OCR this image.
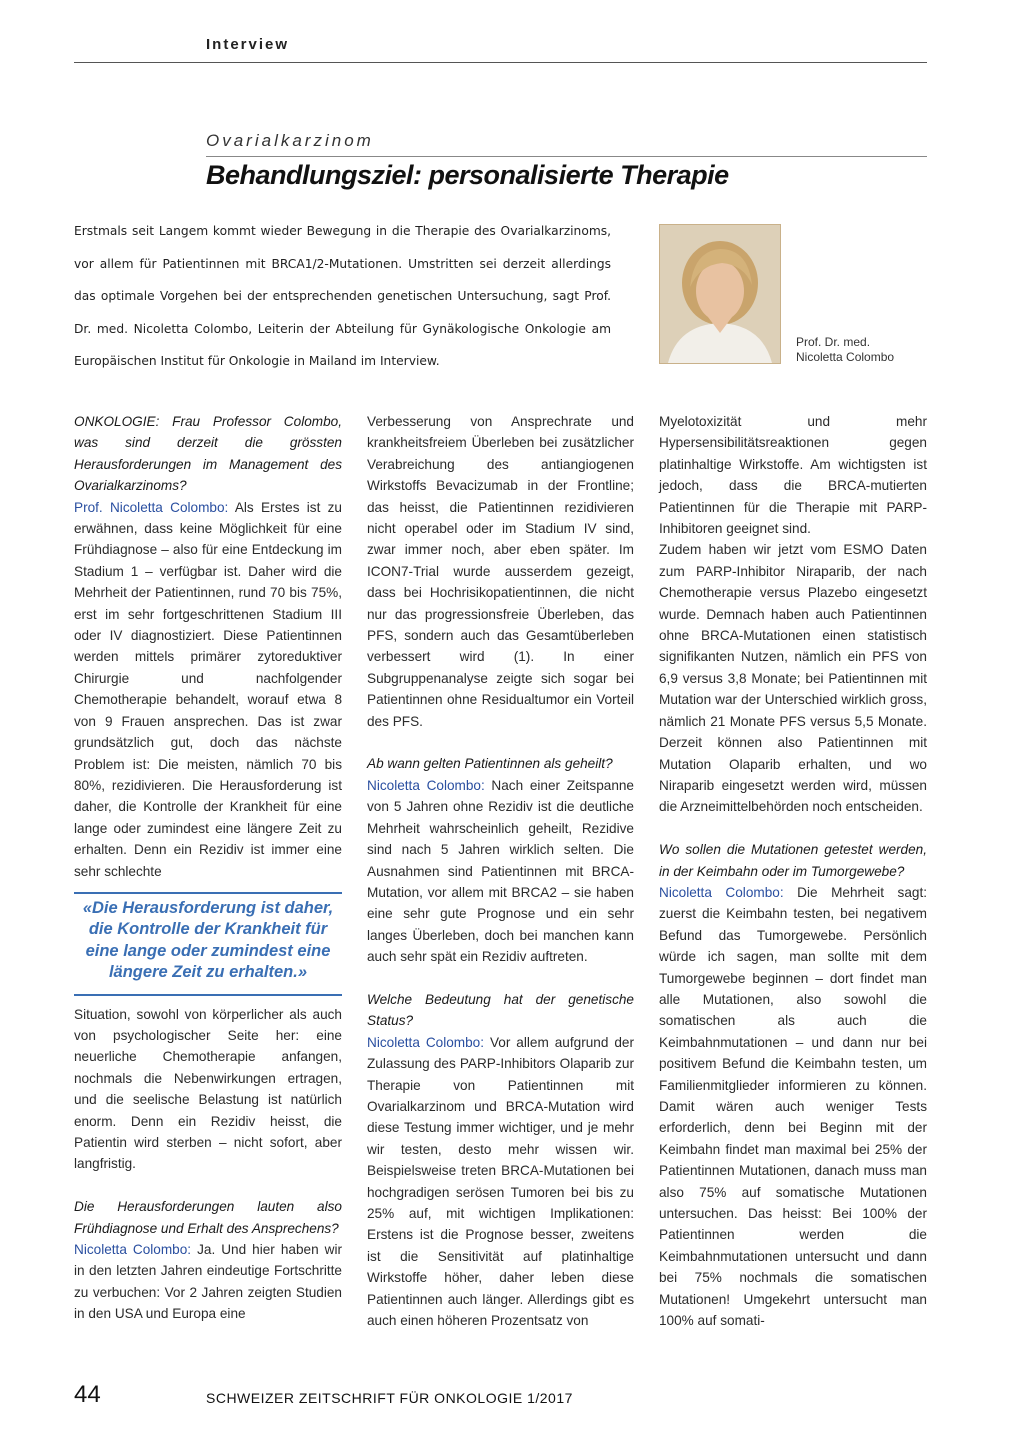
Interview
Ovarialkarzinom
Behandlungsziel: personalisierte Therapie
Erstmals seit Langem kommt wieder Bewegung in die Therapie des Ovarialkarzinoms, vor allem für Patientinnen mit BRCA1/2-Mutationen. Umstritten sei derzeit allerdings das optimale Vorgehen bei der entsprechenden genetischen Untersuchung, sagt Prof. Dr. med. Nicoletta Colombo, Leiterin der Abteilung für Gynäkologische Onkologie am Europäischen Institut für Onkologie in Mailand im Interview.
Prof. Dr. med.
Nicoletta Colombo

ONKOLOGIE: Frau Professor Colombo, was sind derzeit die grössten Herausforderungen im Management des Ovarialkarzinoms?

Prof. Nicoletta Colombo: Als Erstes ist zu erwähnen, dass keine Möglichkeit für eine Frühdiagnose – also für eine Entdeckung im Stadium 1 – verfügbar ist. Daher wird die Mehrheit der Patientinnen, rund 70 bis 75%, erst im sehr fortgeschrittenen Stadium III oder IV diagnostiziert. Diese Patientinnen werden mittels primärer zytoreduktiver Chirurgie und nachfolgender Chemotherapie behandelt, worauf etwa 8 von 9 Frauen ansprechen. Das ist zwar grundsätzlich gut, doch das nächste Problem ist: Die meisten, nämlich 70 bis 80%, rezidivieren. Die Herausforderung ist daher, die Kontrolle der Krankheit für eine lange oder zumindest eine längere Zeit zu erhalten. Denn ein Rezidiv ist immer eine sehr schlechte

«Die Herausforderung ist daher, die Kontrolle der Krankheit für eine lange oder zumindest eine längere Zeit zu erhalten.»

Situation, sowohl von körperlicher als auch von psychologischer Seite her: eine neuerliche Chemotherapie anfangen, nochmals die Nebenwirkungen ertragen, und die seelische Belastung ist natürlich enorm. Denn ein Rezidiv heisst, die Patientin wird sterben – nicht sofort, aber langfristig.

Die Herausforderungen lauten also Frühdiagnose und Erhalt des Ansprechens?

Nicoletta Colombo: Ja. Und hier haben wir in den letzten Jahren eindeutige Fortschritte zu verbuchen: Vor 2 Jahren zeigten Studien in den USA und Europa eine

Verbesserung von Ansprechrate und krankheitsfreiem Überleben bei zusätzlicher Verabreichung des antiangiogenen Wirkstoffs Bevacizumab in der Frontline; das heisst, die Patientinnen rezidivieren nicht operabel oder im Stadium IV sind, zwar immer noch, aber eben später. Im ICON7-Trial wurde ausserdem gezeigt, dass bei Hochrisikopatientinnen, die nicht nur das progressionsfreie Überleben, das PFS, sondern auch das Gesamtüberleben verbessert wird (1). In einer Subgruppenanalyse zeigte sich sogar bei Patientinnen ohne Residualtumor ein Vorteil des PFS.

Ab wann gelten Patientinnen als geheilt?

Nicoletta Colombo: Nach einer Zeitspanne von 5 Jahren ohne Rezidiv ist die deutliche Mehrheit wahrscheinlich geheilt, Rezidive sind nach 5 Jahren wirklich selten. Die Ausnahmen sind Patientinnen mit BRCA-Mutation, vor allem mit BRCA2 – sie haben eine sehr gute Prognose und ein sehr langes Überleben, doch bei manchen kann auch sehr spät ein Rezidiv auftreten.

Welche Bedeutung hat der genetische Status?

Nicoletta Colombo: Vor allem aufgrund der Zulassung des PARP-Inhibitors Olaparib zur Therapie von Patientinnen mit Ovarialkarzinom und BRCA-Mutation wird diese Testung immer wichtiger, und je mehr wir testen, desto mehr wissen wir. Beispielsweise treten BRCA-Mutationen bei hochgradigen serösen Tumoren bei bis zu 25% auf, mit wichtigen Implikationen: Erstens ist die Prognose besser, zweitens ist die Sensitivität auf platinhaltige Wirkstoffe höher, daher leben diese Patientinnen auch länger. Allerdings gibt es auch einen höheren Prozentsatz von

Myelotoxizität und mehr Hypersensibilitätsreaktionen gegen platinhaltige Wirkstoffe. Am wichtigsten ist jedoch, dass die BRCA-mutierten Patientinnen für die Therapie mit PARP-Inhibitoren geeignet sind.

Zudem haben wir jetzt vom ESMO Daten zum PARP-Inhibitor Niraparib, der nach Chemotherapie versus Plazebo eingesetzt wurde. Demnach haben auch Patientinnen ohne BRCA-Mutationen einen statistisch signifikanten Nutzen, nämlich ein PFS von 6,9 versus 3,8 Monate; bei Patientinnen mit Mutation war der Unterschied wirklich gross, nämlich 21 Monate PFS versus 5,5 Monate. Derzeit können also Patientinnen mit Mutation Olaparib erhalten, und wo Niraparib eingesetzt werden wird, müssen die Arzneimittelbehörden noch entscheiden.

Wo sollen die Mutationen getestet werden, in der Keimbahn oder im Tumorgewebe?

Nicoletta Colombo: Die Mehrheit sagt: zuerst die Keimbahn testen, bei negativem Befund das Tumorgewebe. Persönlich würde ich sagen, man sollte mit dem Tumorgewebe beginnen – dort findet man alle Mutationen, also sowohl die somatischen als auch die Keimbahnmutationen – und dann nur bei positivem Befund die Keimbahn testen, um Familienmitglieder informieren zu können. Damit wären auch weniger Tests erforderlich, denn bei Beginn mit der Keimbahn findet man maximal bei 25% der Patientinnen Mutationen, danach muss man also 75% auf somatische Mutationen untersuchen. Das heisst: Bei 100% der Patientinnen werden die Keimbahnmutationen untersucht und dann bei 75% nochmals die somatischen Mutationen! Umgekehrt untersucht man 100% auf somati-

44	SCHWEIZER ZEITSCHRIFT FÜR ONKOLOGIE 1/2017
